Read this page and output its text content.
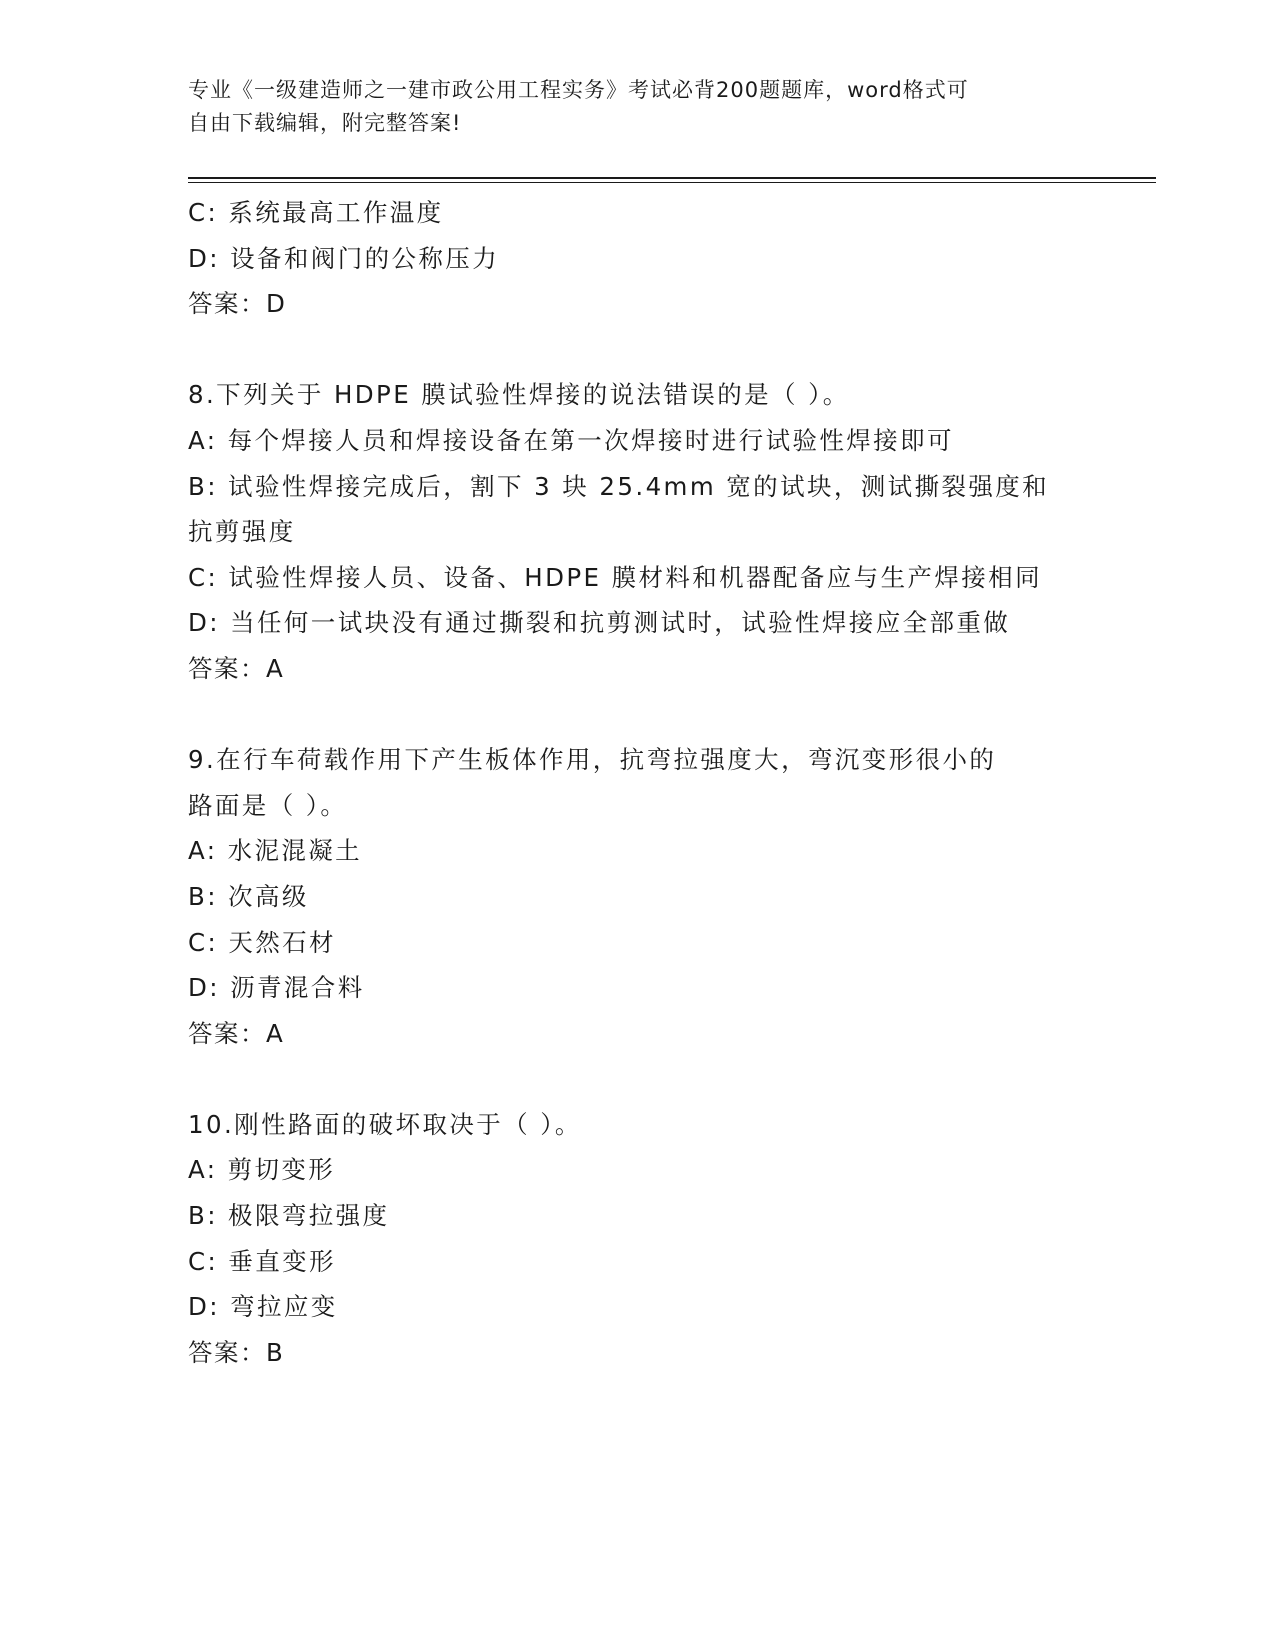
专业《一级建造师之一建市政公用工程实务》考试必背200题题库，word格式可
自由下载编辑，附完整答案!
C: 系统最高工作温度
D: 设备和阀门的公称压力
答案：D
8.下列关于 HDPE 膜试验性焊接的说法错误的是（ ）。
A: 每个焊接人员和焊接设备在第一次焊接时进行试验性焊接即可
B: 试验性焊接完成后，割下 3 块 25.4mm 宽的试块，测试撕裂强度和
抗剪强度
C: 试验性焊接人员、设备、HDPE 膜材料和机器配备应与生产焊接相同
D: 当任何一试块没有通过撕裂和抗剪测试时，试验性焊接应全部重做
答案：A
9.在行车荷载作用下产生板体作用，抗弯拉强度大，弯沉变形很小的
路面是（ ）。
A: 水泥混凝土
B: 次高级
C: 天然石材
D: 沥青混合料
答案：A
10.刚性路面的破坏取决于（ ）。
A: 剪切变形
B: 极限弯拉强度
C: 垂直变形
D: 弯拉应变
答案：B
